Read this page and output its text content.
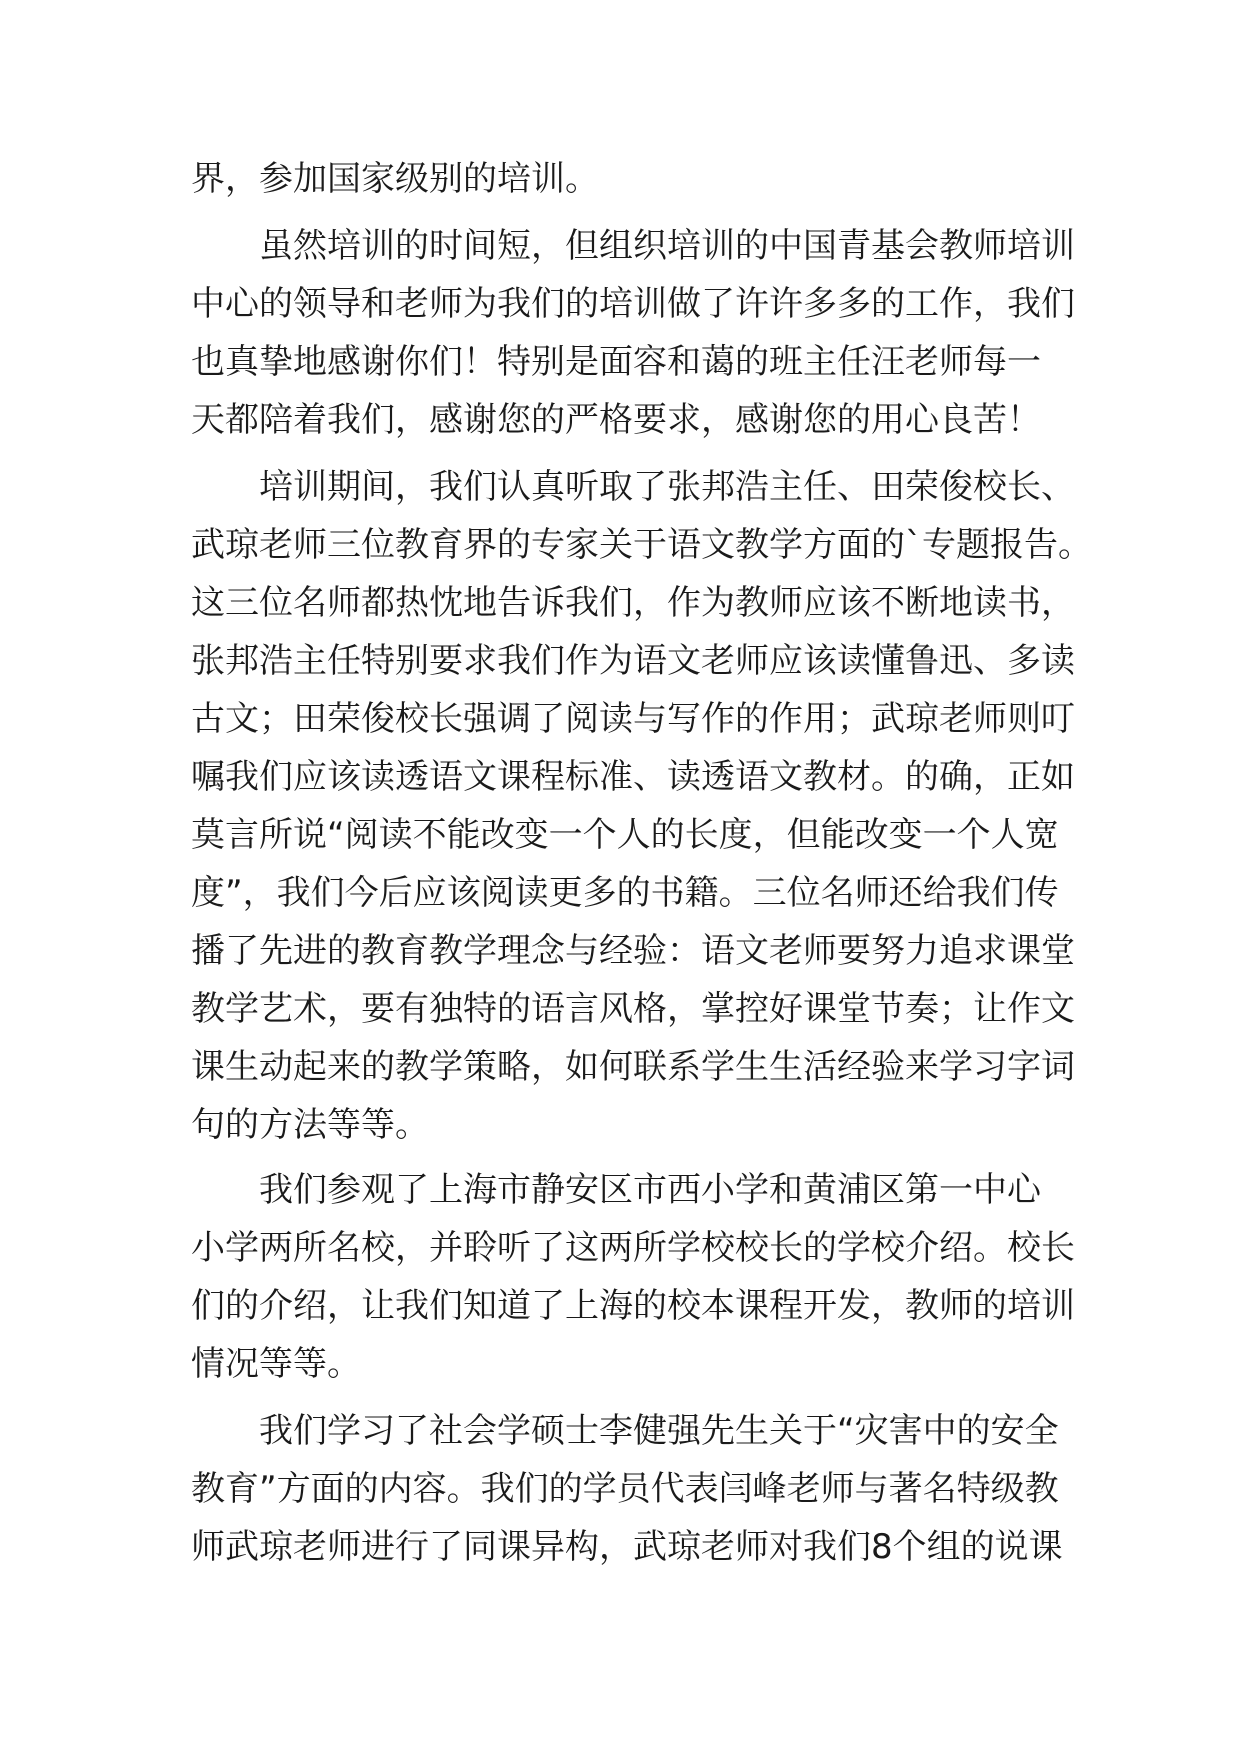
界，参加国家级别的培训。
虽然培训的时间短，但组织培训的中国青基会教师培训
中心的领导和老师为我们的培训做了许许多多的工作，我们
也真挚地感谢你们！特别是面容和蔼的班主任汪老师每一
天都陪着我们，感谢您的严格要求，感谢您的用心良苦！
培训期间，我们认真听取了张邦浩主任、田荣俊校长、
武琼老师三位教育界的专家关于语文教学方面的`专题报告。
这三位名师都热忱地告诉我们，作为教师应该不断地读书，
张邦浩主任特别要求我们作为语文老师应该读懂鲁迅、多读
古文；田荣俊校长强调了阅读与写作的作用；武琼老师则叮
嘱我们应该读透语文课程标准、读透语文教材。的确，正如
莫言所说“阅读不能改变一个人的长度，但能改变一个人宽
度”，我们今后应该阅读更多的书籍。三位名师还给我们传
播了先进的教育教学理念与经验：语文老师要努力追求课堂
教学艺术，要有独特的语言风格，掌控好课堂节奏；让作文
课生动起来的教学策略，如何联系学生生活经验来学习字词
句的方法等等。
我们参观了上海市静安区市西小学和黄浦区第一中心
小学两所名校，并聆听了这两所学校校长的学校介绍。校长
们的介绍，让我们知道了上海的校本课程开发，教师的培训
情况等等。
我们学习了社会学硕士李健强先生关于“灾害中的安全
教育”方面的内容。我们的学员代表闫峰老师与著名特级教
师武琼老师进行了同课异构，武琼老师对我们8个组的说课
